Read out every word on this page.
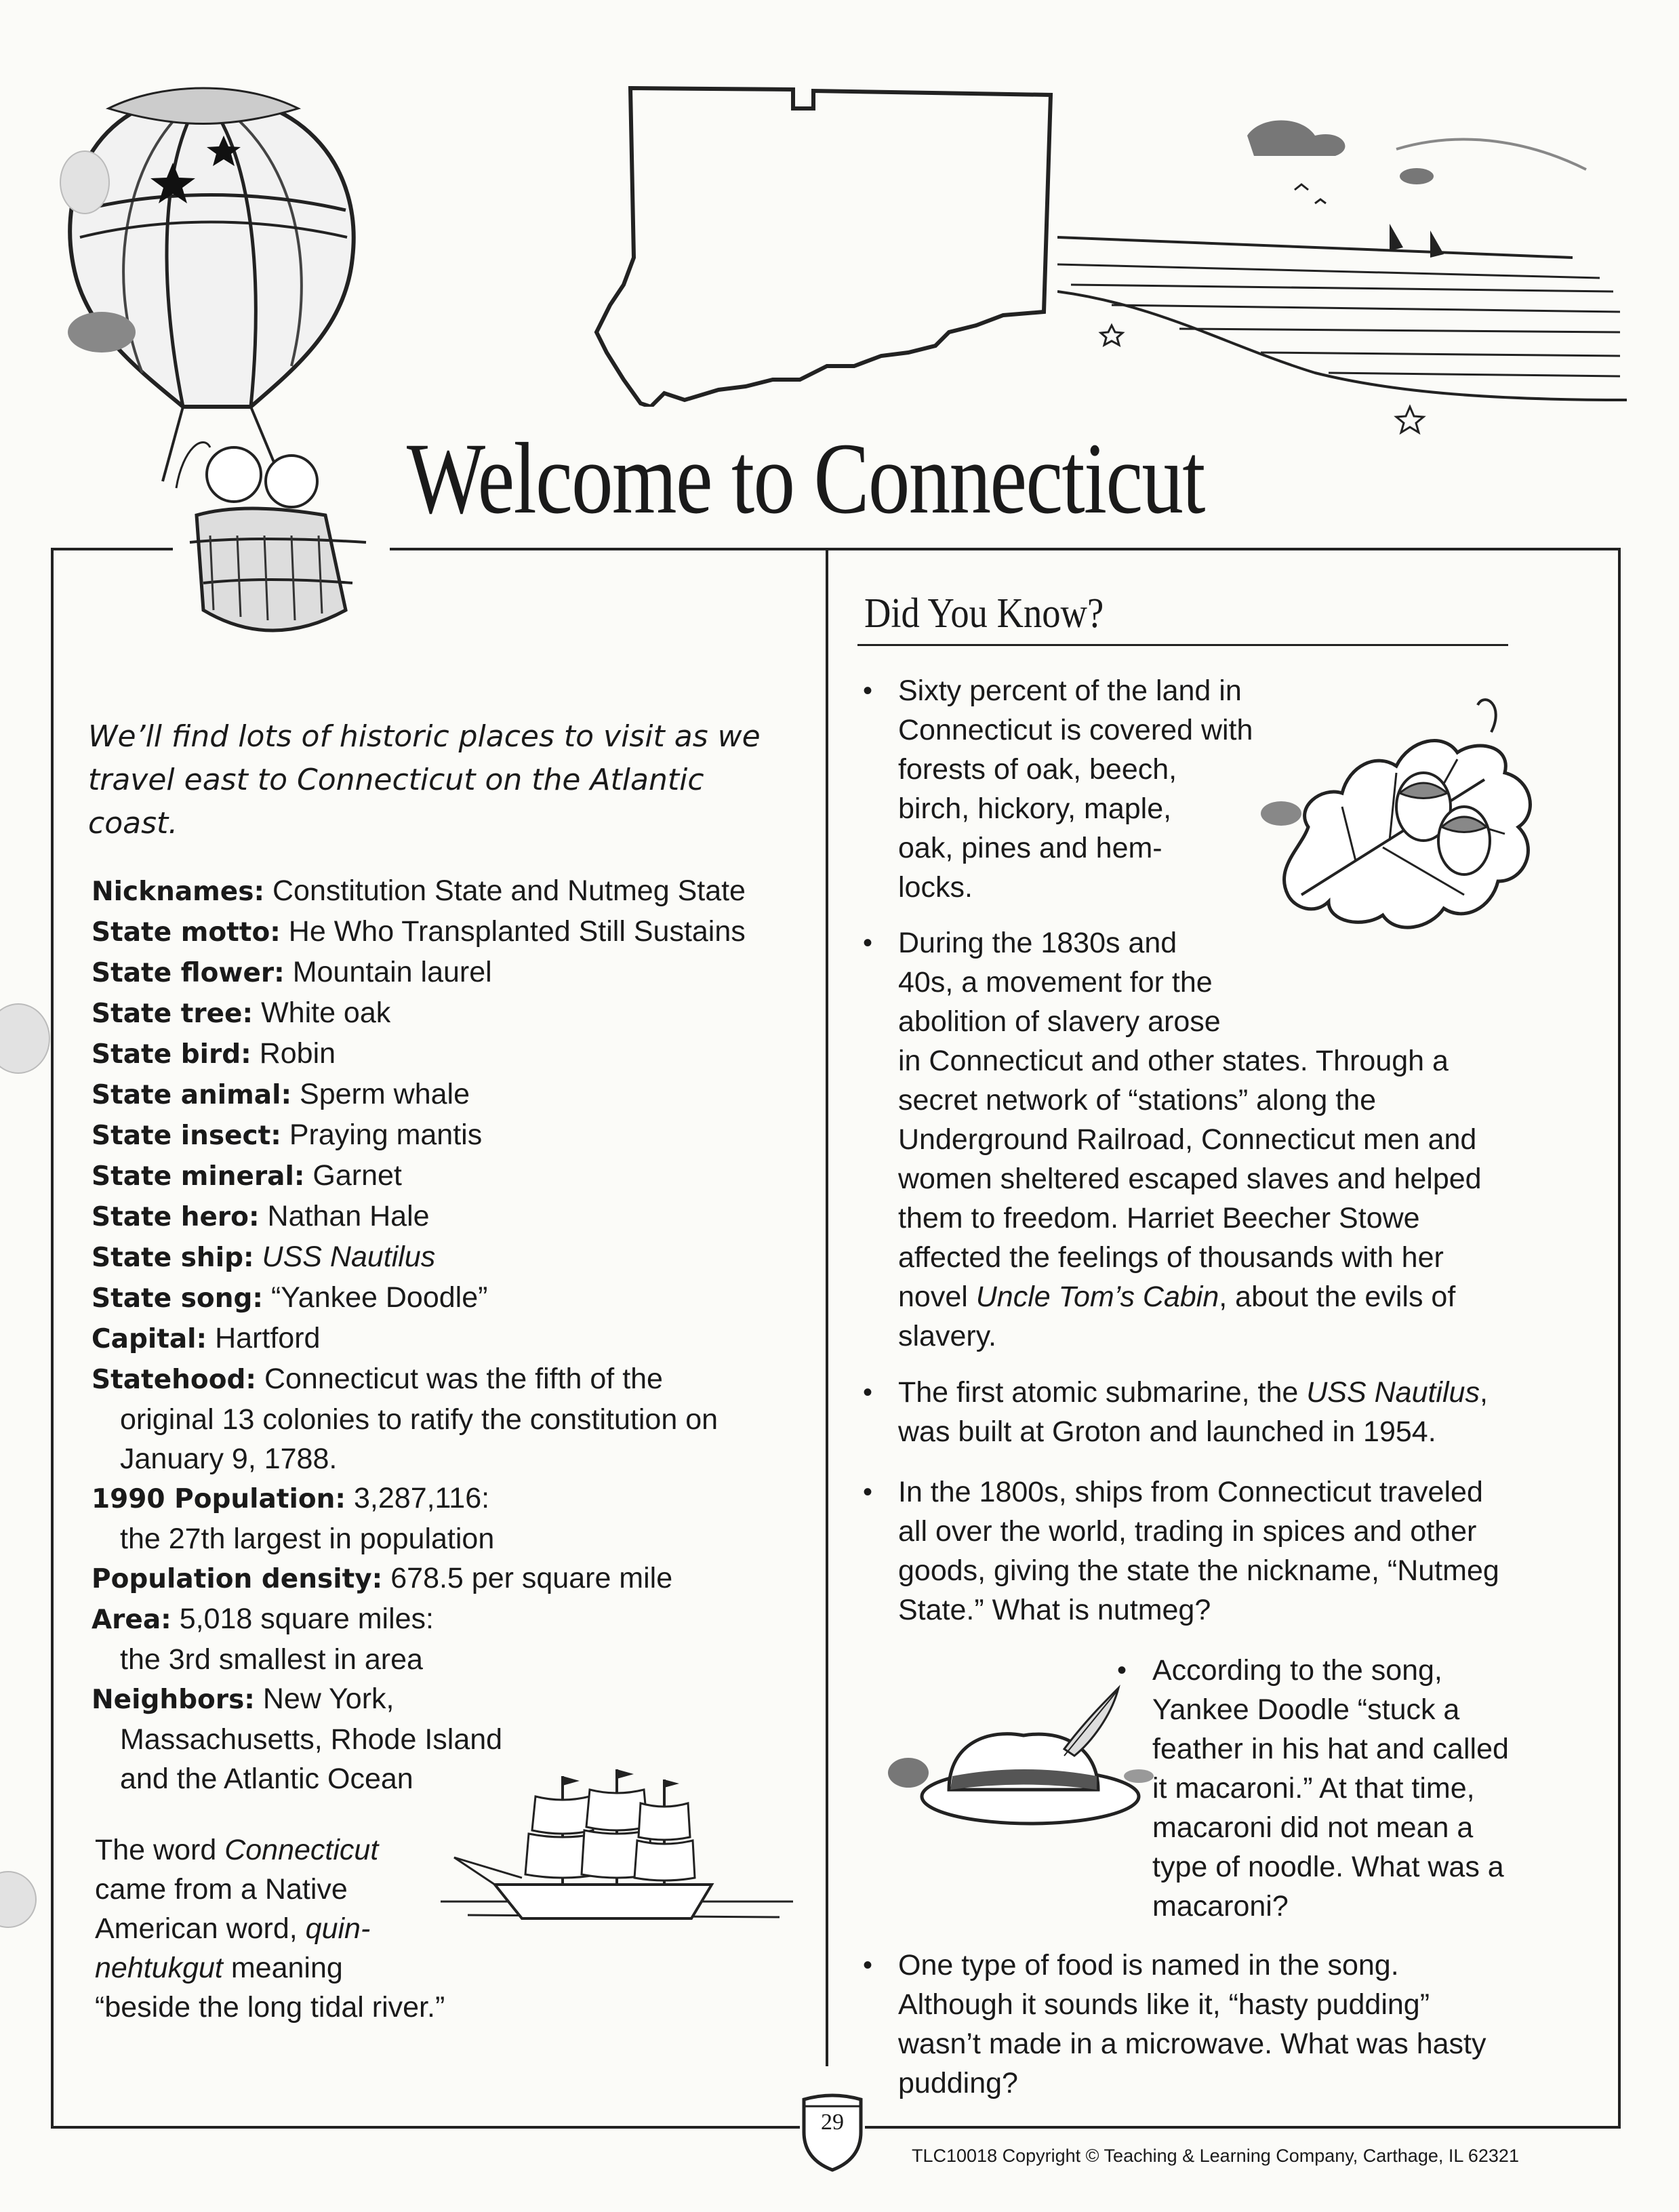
Welcome to Connecticut
We’ll find lots of historic places to visit as we travel east to Connecticut on the Atlantic coast.
Nicknames: Constitution State and Nutmeg State
State motto: He Who Transplanted Still Sustains
State flower: Mountain laurel
State tree: White oak
State bird: Robin
State animal: Sperm whale
State insect: Praying mantis
State mineral: Garnet
State hero: Nathan Hale
State ship: USS Nautilus
State song: “Yankee Doodle”
Capital: Hartford
Statehood: Connecticut was the fifth of the
original 13 colonies to ratify the constitution on
January 9, 1788.
1990 Population: 3,287,116:
the 27th largest in population
Population density: 678.5 per square mile
Area: 5,018 square miles:
the 3rd smallest in area
Neighbors: New York,
Massachusetts, Rhode Island
and the Atlantic Ocean
The word Connecticut
came from a Native
American word, quin-
nehtukgut meaning
“beside the long tidal river.”
Did You Know?
• Sixty percent of the land in
Connecticut is covered with
forests of oak, beech,
birch, hickory, maple,
oak, pines and hem-
locks.
• During the 1830s and
40s, a movement for the
abolition of slavery arose
in Connecticut and other states. Through a
secret network of “stations” along the
Underground Railroad, Connecticut men and
women sheltered escaped slaves and helped
them to freedom. Harriet Beecher Stowe
affected the feelings of thousands with her
novel Uncle Tom’s Cabin, about the evils of
slavery.
• The first atomic submarine, the USS Nautilus,
was built at Groton and launched in 1954.
• In the 1800s, ships from Connecticut traveled
all over the world, trading in spices and other
goods, giving the state the nickname, “Nutmeg
State.” What is nutmeg?
• According to the song,
Yankee Doodle “stuck a
feather in his hat and called
it macaroni.” At that time,
macaroni did not mean a
type of noodle. What was a
macaroni?
• One type of food is named in the song.
Although it sounds like it, “hasty pudding”
wasn’t made in a microwave. What was hasty
pudding?
29
TLC10018 Copyright © Teaching & Learning Company, Carthage, IL 62321
